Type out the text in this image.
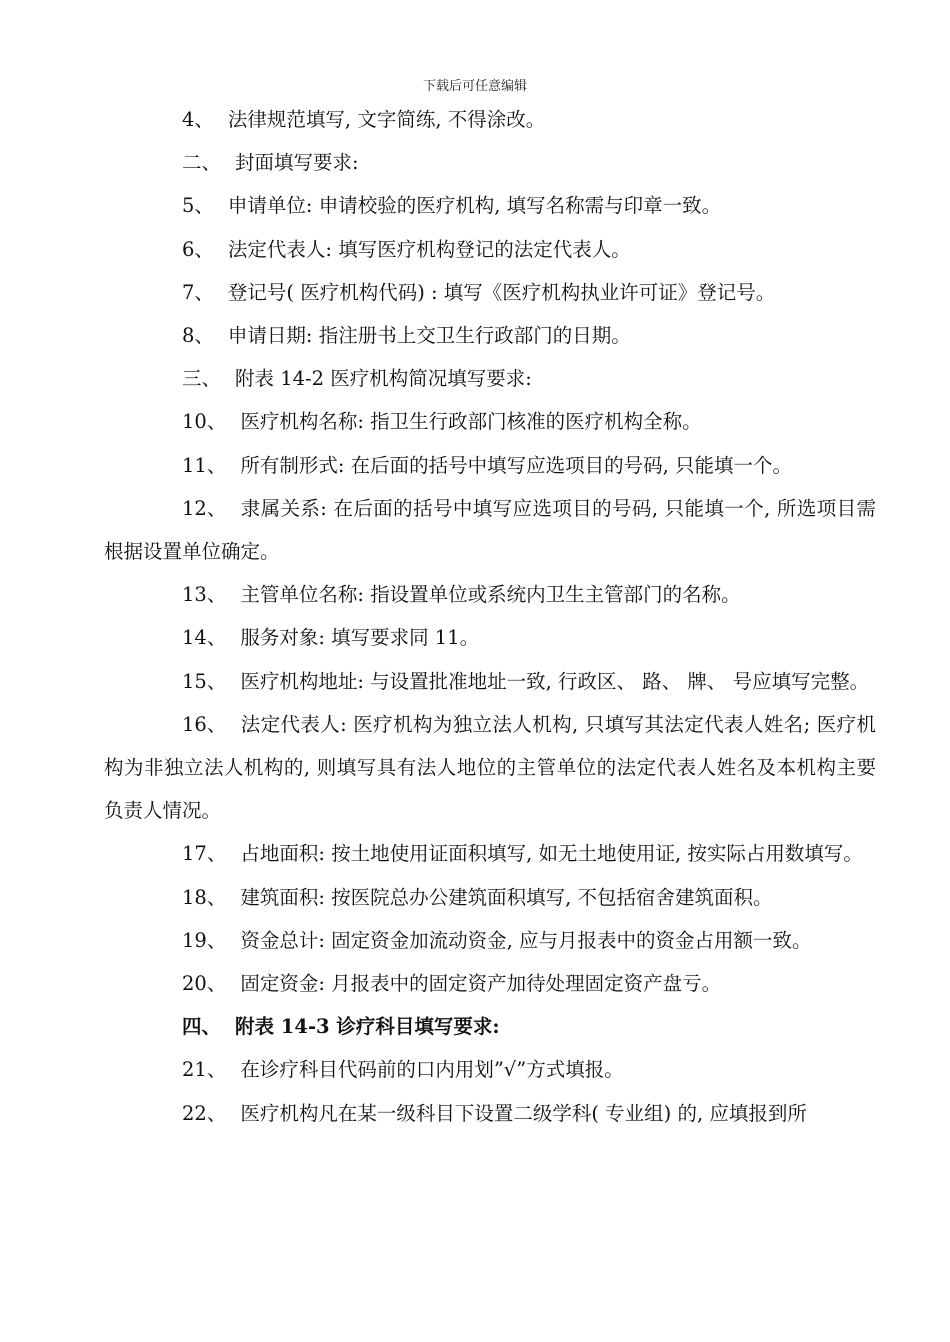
下载后可任意编辑

4、 法律规范填写, 文字简练, 不得涂改。

二、 封面填写要求:

5、 申请单位: 申请校验的医疗机构, 填写名称需与印章一致。

6、 法定代表人: 填写医疗机构登记的法定代表人。

7、 登记号( 医疗机构代码) : 填写《医疗机构执业许可证》登记号。

8、 申请日期: 指注册书上交卫生行政部门的日期。

三、 附表 14-2 医疗机构简况填写要求:

10、 医疗机构名称: 指卫生行政部门核准的医疗机构全称。

11、 所有制形式: 在后面的括号中填写应选项目的号码, 只能填一个。

12、 隶属关系: 在后面的括号中填写应选项目的号码, 只能填一个, 所选项目需根据设置单位确定。

13、 主管单位名称: 指设置单位或系统内卫生主管部门的名称。

14、 服务对象: 填写要求同 11。

15、 医疗机构地址: 与设置批准地址一致, 行政区、 路、 牌、 号应填写完整。

16、 法定代表人: 医疗机构为独立法人机构, 只填写其法定代表人姓名; 医疗机构为非独立法人机构的, 则填写具有法人地位的主管单位的法定代表人姓名及本机构主要负责人情况。

17、 占地面积: 按土地使用证面积填写, 如无土地使用证, 按实际占用数填写。

18、 建筑面积: 按医院总办公建筑面积填写, 不包括宿舍建筑面积。

19、 资金总计: 固定资金加流动资金, 应与月报表中的资金占用额一致。

20、 固定资金: 月报表中的固定资产加待处理固定资产盘亏。

四、 附表 14-3 诊疗科目填写要求:

21、 在诊疗科目代码前的口内用划”√”方式填报。

22、 医疗机构凡在某一级科目下设置二级学科( 专业组) 的, 应填报到所
